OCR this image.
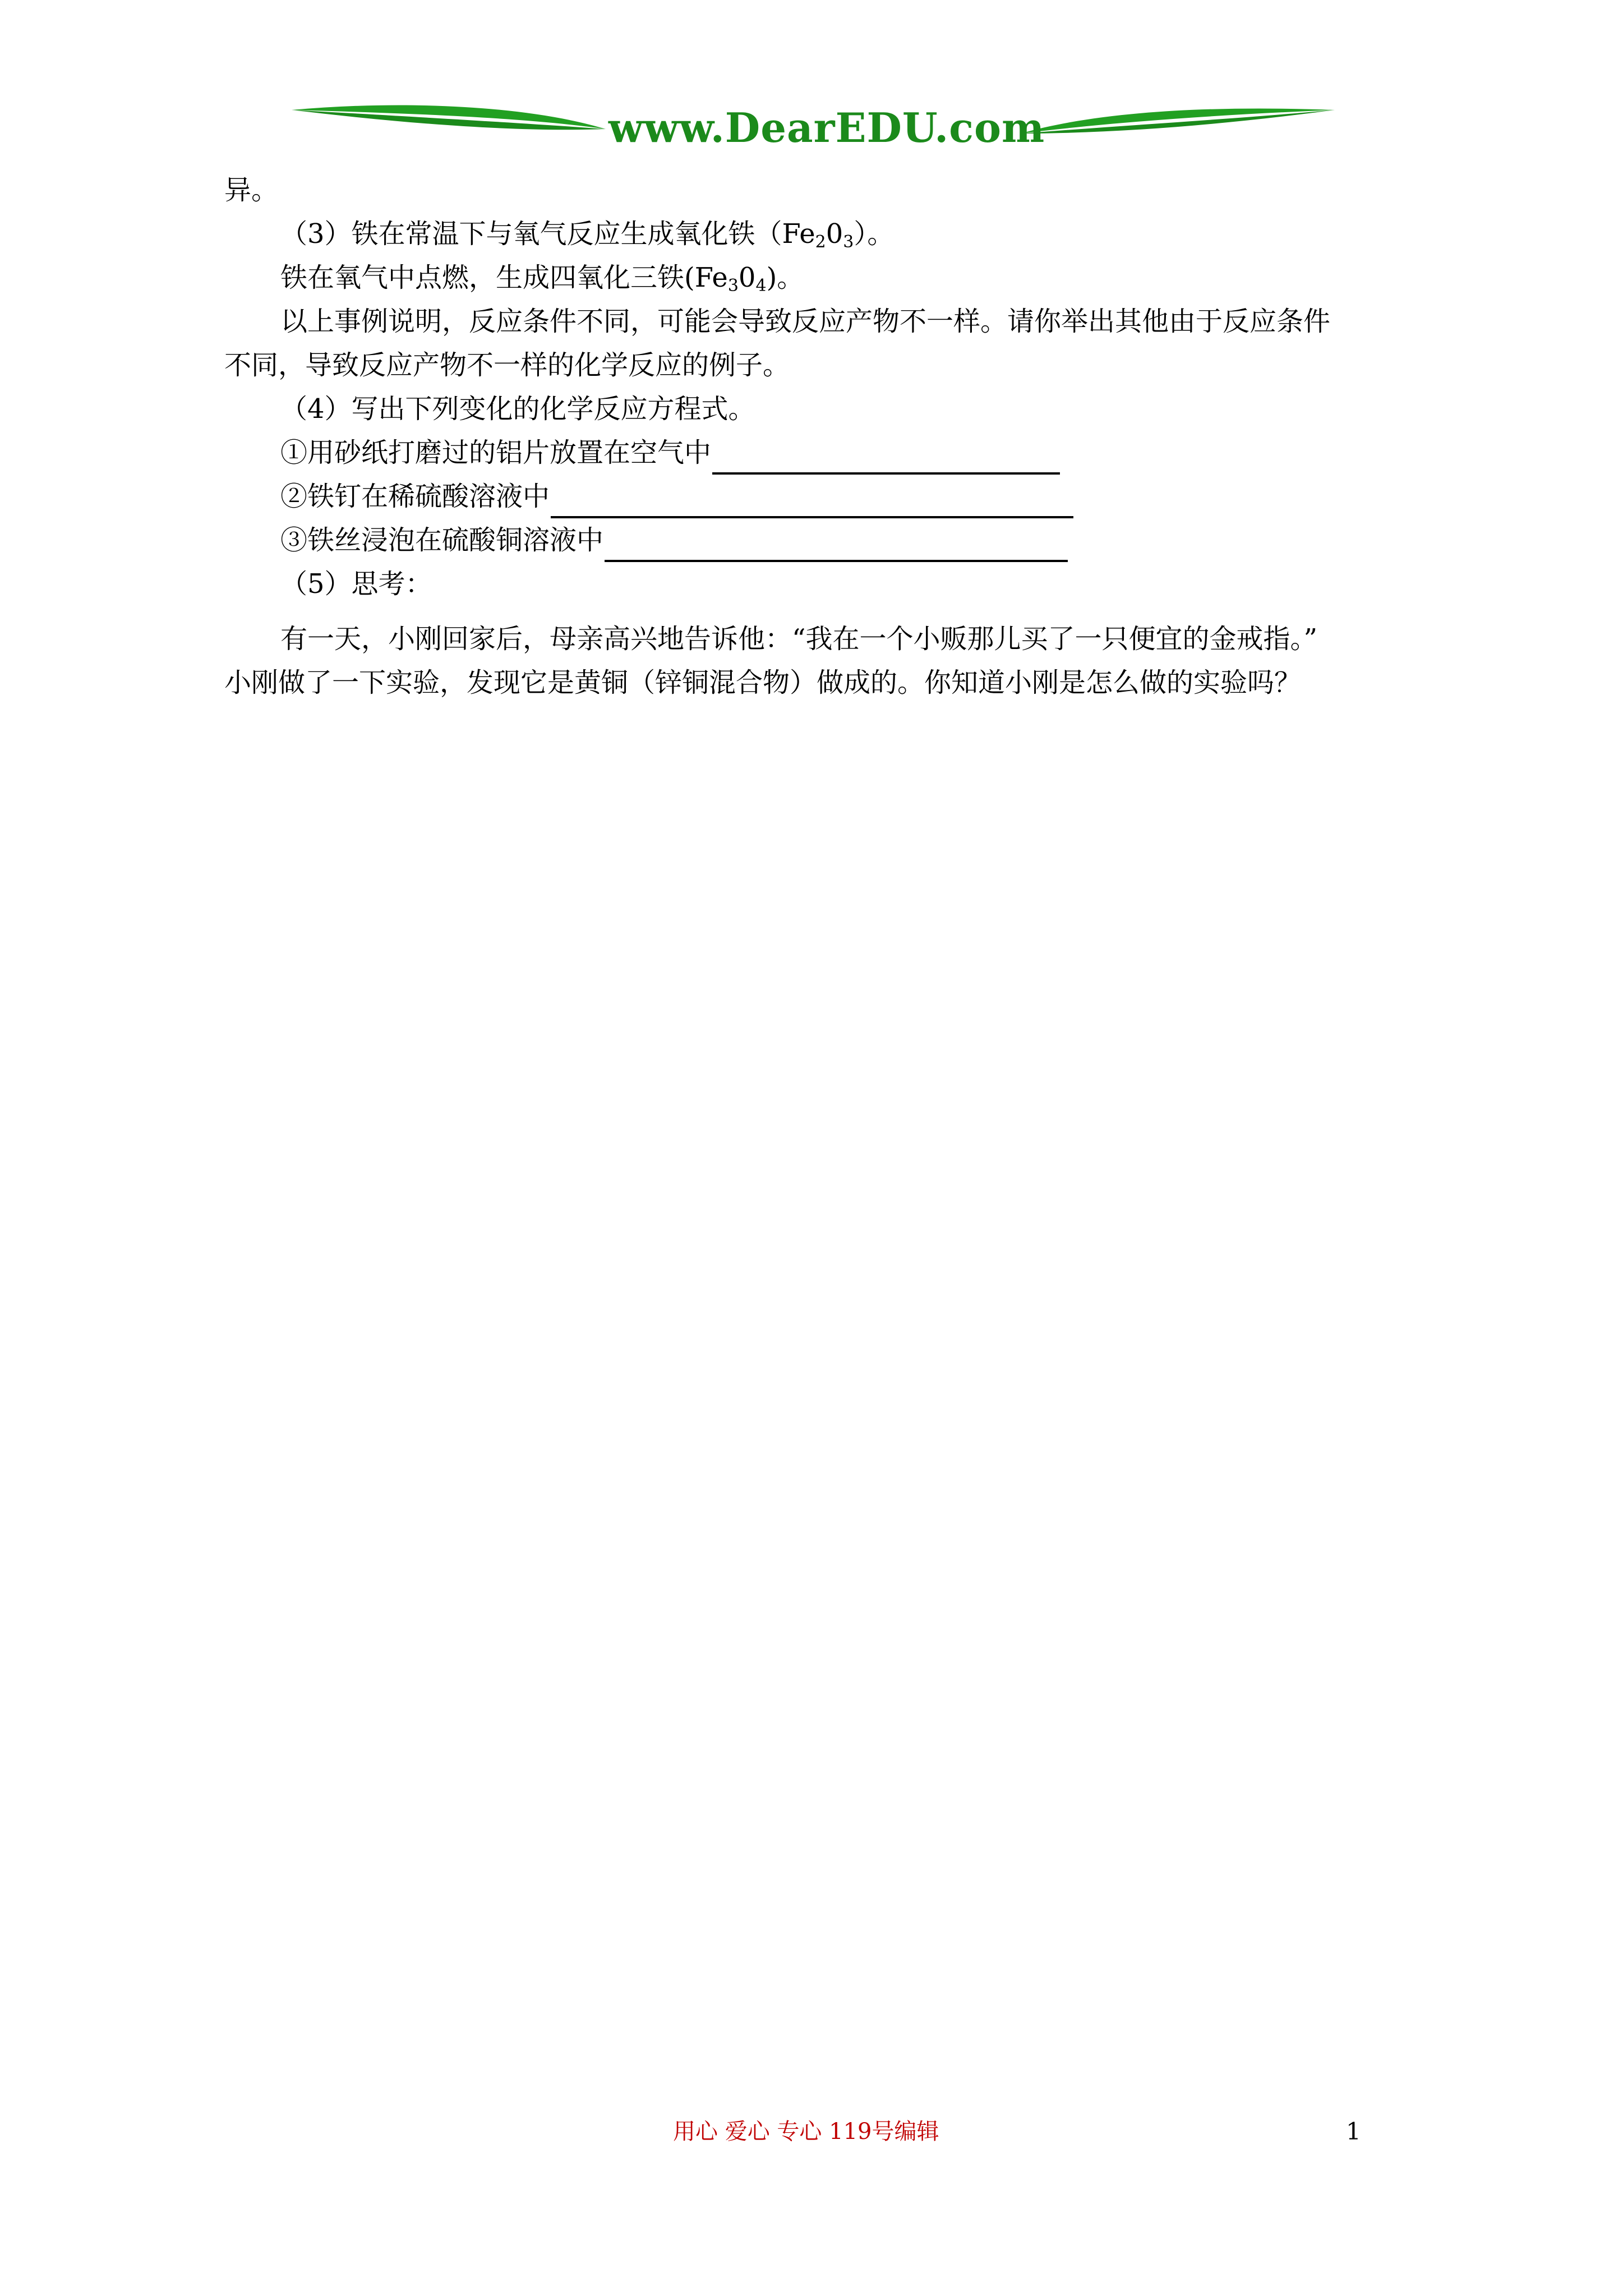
www.DearEDU.com
异。
（3）铁在常温下与氧气反应生成氧化铁$(Fe_20_3)$。
铁在氧气中点燃，生成四氧化三铁$(Fe_30_4)$。
以上事例说明，反应条件不同，可能会导致反应产物不一样。请你举出其他由于反应条件
不同，导致反应产物不一样的化学反应的例子。
（4）写出下列变化的化学反应方程式。
①用砂纸打磨过的铝片放置在空气中
②铁钉在稀硫酸溶液中
③铁丝浸泡在硫酸铜溶液中
（5）思考：
有一天，小刚回家后，母亲高兴地告诉他：“我在一个小贩那儿买了一只便宜的金戒指。”
小刚做了一下实验，发现它是黄铜（锌铜混合物）做成的。你知道小刚是怎么做的实验吗？
用心 爱心 专心 119号编辑	1
